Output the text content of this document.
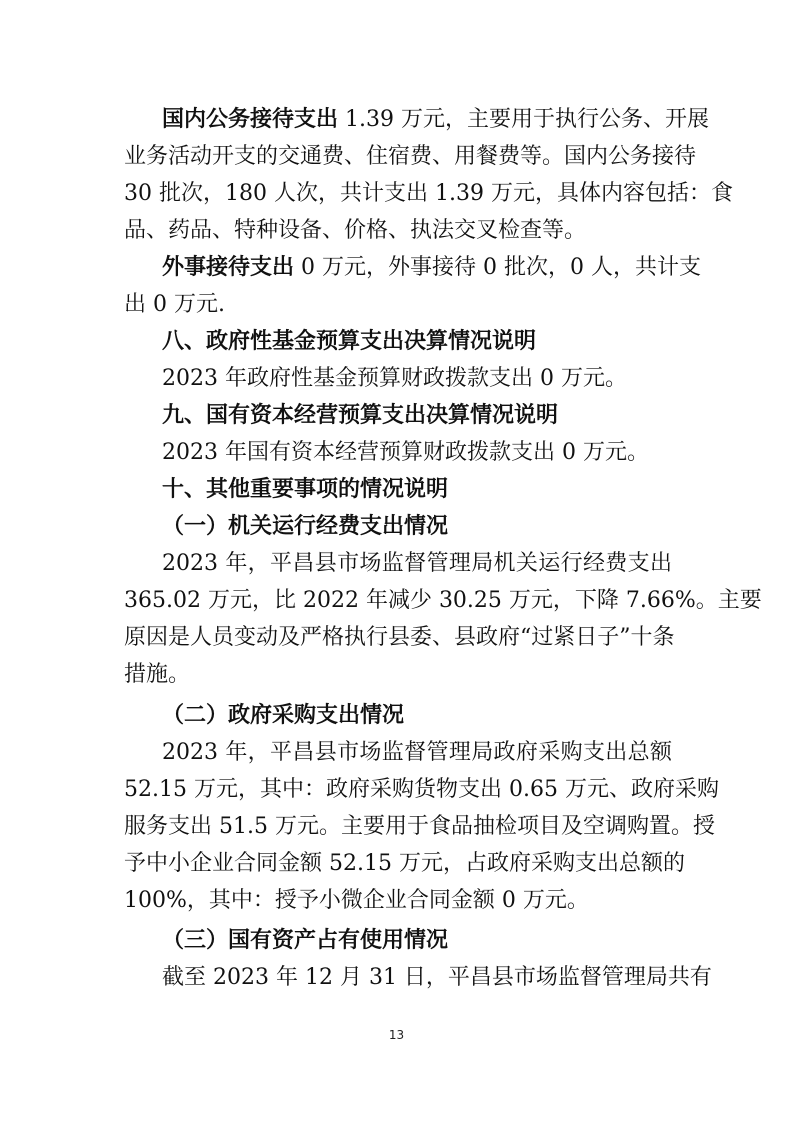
国内公务接待支出 1.39 万元，主要用于执行公务、开展
业务活动开支的交通费、住宿费、用餐费等。国内公务接待
30 批次，180 人次，共计支出 1.39 万元，具体内容包括：食
品、药品、特种设备、价格、执法交叉检查等。
外事接待支出 0 万元，外事接待 0 批次，0 人，共计支
出 0 万元.
八、政府性基金预算支出决算情况说明
2023 年政府性基金预算财政拨款支出 0 万元。
九、国有资本经营预算支出决算情况说明
2023 年国有资本经营预算财政拨款支出 0 万元。
十、其他重要事项的情况说明
（一）机关运行经费支出情况
2023 年，平昌县市场监督管理局机关运行经费支出
365.02 万元，比 2022 年减少 30.25 万元，下降 7.66%。主要
原因是人员变动及严格执行县委、县政府“过紧日子”十条
措施。
（二）政府采购支出情况
2023 年，平昌县市场监督管理局政府采购支出总额
52.15 万元，其中：政府采购货物支出 0.65 万元、政府采购
服务支出 51.5 万元。主要用于食品抽检项目及空调购置。授
予中小企业合同金额 52.15 万元，占政府采购支出总额的
100%，其中：授予小微企业合同金额 0 万元。
（三）国有资产占有使用情况
截至 2023 年 12 月 31 日，平昌县市场监督管理局共有
13
